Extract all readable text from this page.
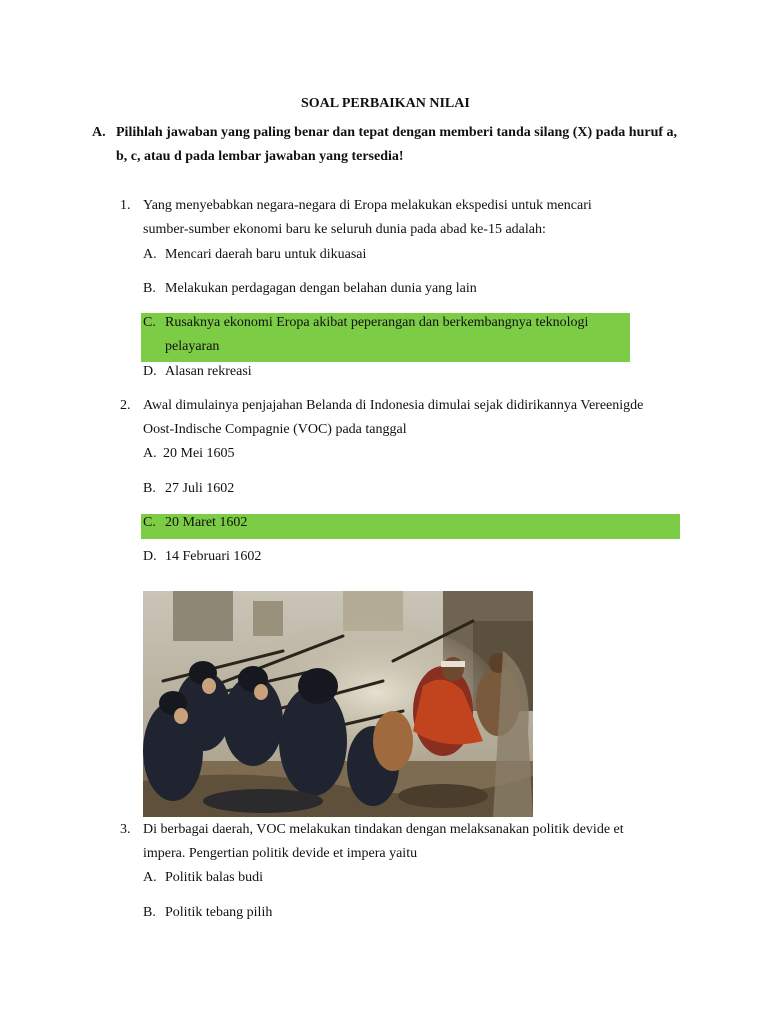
SOAL PERBAIKAN NILAI
A. Pilihlah jawaban yang paling benar dan tepat dengan memberi tanda silang (X) pada huruf a,
b, c, atau d pada lembar jawaban yang tersedia!
1. Yang menyebabkan negara-negara di Eropa melakukan ekspedisi untuk mencari
sumber-sumber ekonomi baru ke seluruh dunia pada abad ke-15 adalah:
A. Mencari daerah baru untuk dikuasai
B. Melakukan perdagagan dengan belahan dunia yang lain
C. Rusaknya ekonomi Eropa akibat peperangan dan berkembangnya teknologi
pelayaran
D. Alasan rekreasi
2. Awal dimulainya penjajahan Belanda di Indonesia dimulai sejak didirikannya Vereenigde
Oost-Indische Compagnie (VOC) pada tanggal
A. 20 Mei 1605
B. 27 Juli 1602
C. 20 Maret 1602
D. 14 Februari 1602
3. Di berbagai daerah, VOC melakukan tindakan dengan melaksanakan politik devide et
impera. Pengertian politik devide et impera yaitu
A. Politik balas budi
B. Politik tebang pilih
